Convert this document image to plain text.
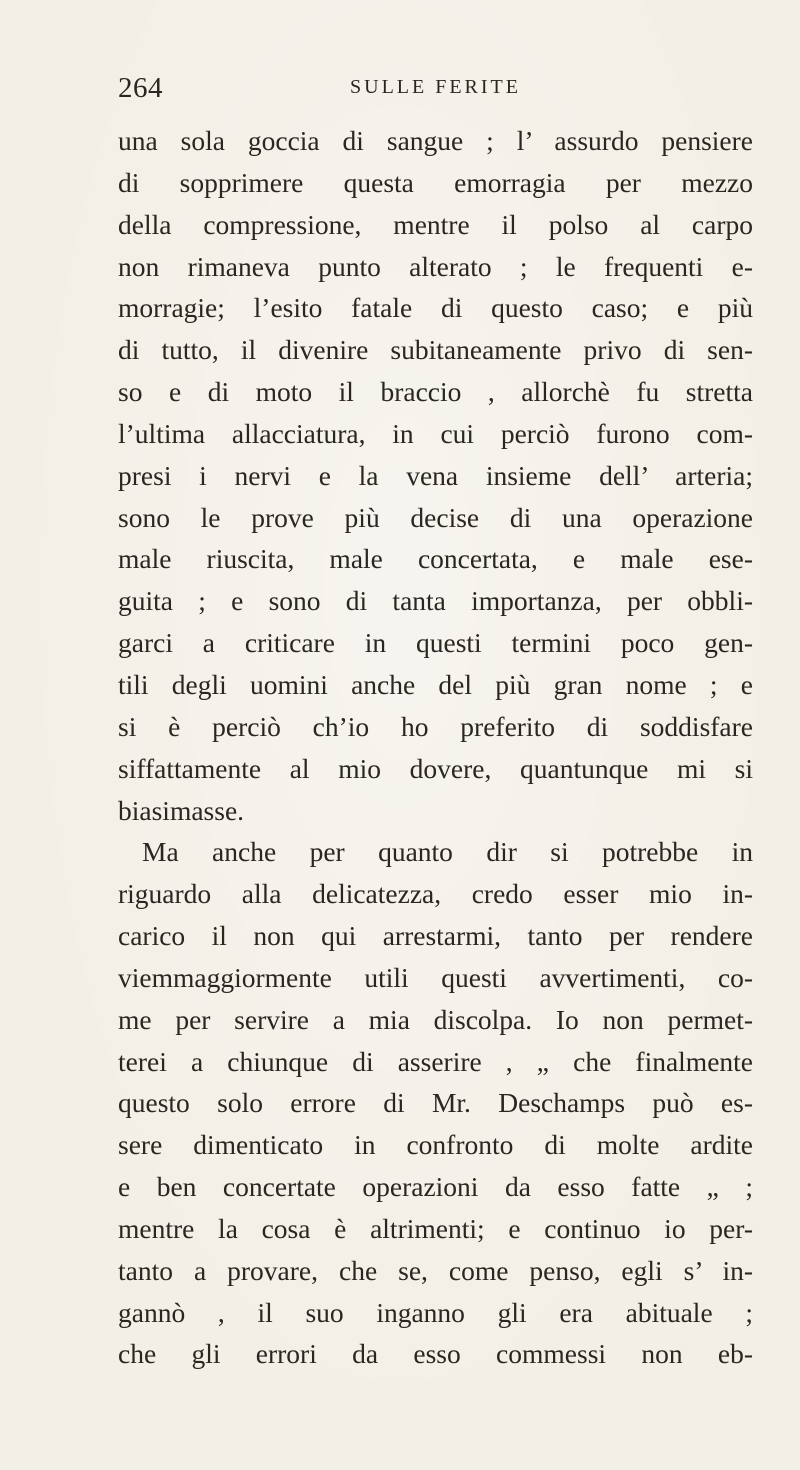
264	SULLE FERITE
una sola goccia di sangue ; l’ assurdo pensiere
di sopprimere questa emorragia per mezzo
della compressione, mentre il polso al carpo
non rimaneva punto alterato ; le frequenti e-
morragie; l’esito fatale di questo caso; e più
di tutto, il divenire subitaneamente privo di sen-
so e di moto il braccio , allorchè fu stretta
l’ultima allacciatura, in cui perciò furono com-
presi i nervi e la vena insieme dell’ arteria;
sono le prove più decise di una operazione
male riuscita, male concertata, e male ese-
guita ; e sono di tanta importanza, per obbli-
garci a criticare in questi termini poco gen-
tili degli uomini anche del più gran nome ; e
si è perciò ch’io ho preferito di soddisfare
siffattamente al mio dovere, quantunque mi si
biasimasse.
Ma anche per quanto dir si potrebbe in
riguardo alla delicatezza, credo esser mio in-
carico il non qui arrestarmi, tanto per rendere
viemmaggiormente utili questi avvertimenti, co-
me per servire a mia discolpa. Io non permet-
terei a chiunque di asserire , „ che finalmente
questo solo errore di Mr. Deschamps può es-
sere dimenticato in confronto di molte ardite
e ben concertate operazioni da esso fatte „ ;
mentre la cosa è altrimenti; e continuo io per-
tanto a provare, che se, come penso, egli s’ in-
gannò , il suo inganno gli era abituale ;
che gli errori da esso commessi non eb-
